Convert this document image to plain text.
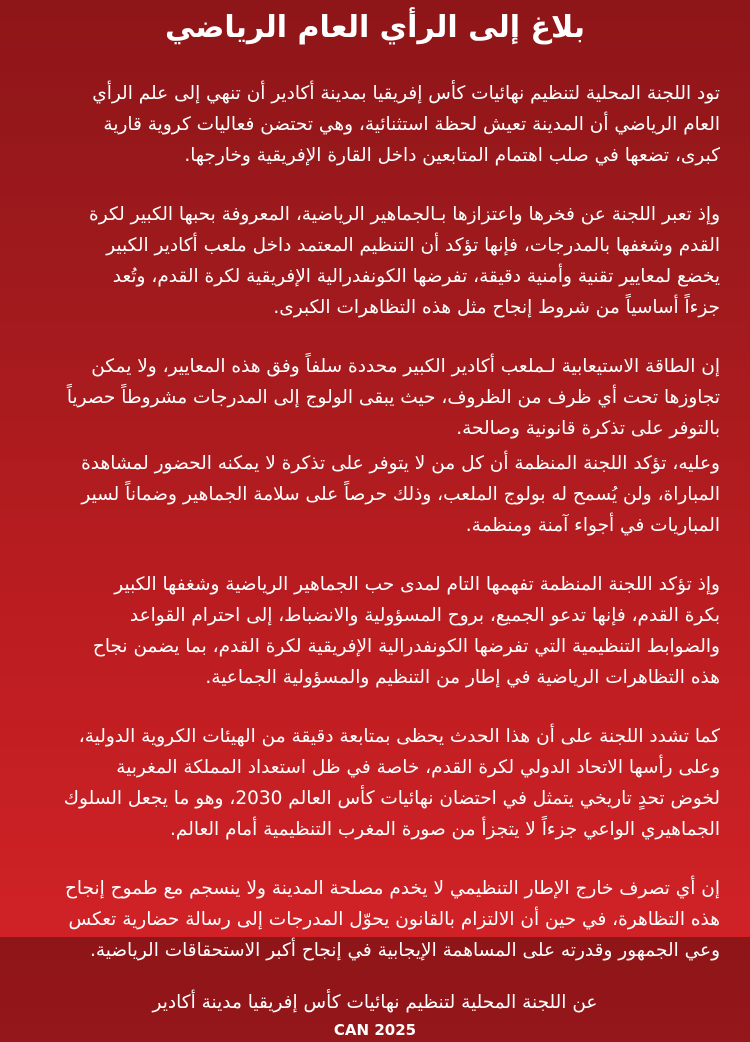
بلاغ إلى الرأي العام الرياضي
تود اللجنة المحلية لتنظيم نهائيات كأس إفريقيا بمدينة أكادير أن تنهي إلى علم الرأي
العام الرياضي أن المدينة تعيش لحظة استثنائية، وهي تحتضن فعاليات كروية قارية
كبرى، تضعها في صلب اهتمام المتابعين داخل القارة الإفريقية وخارجها.
وإذ تعبر اللجنة عن فخرها واعتزازها بـالجماهير الرياضية، المعروفة بحبها الكبير لكرة
القدم وشغفها بالمدرجات، فإنها تؤكد أن التنظيم المعتمد داخل ملعب أكادير الكبير
يخضع لمعايير تقنية وأمنية دقيقة، تفرضها الكونفدرالية الإفريقية لكرة القدم، وتُعد
جزءاً أساسياً من شروط إنجاح مثل هذه التظاهرات الكبرى.
إن الطاقة الاستيعابية لـملعب أكادير الكبير محددة سلفاً وفق هذه المعايير، ولا يمكن
تجاوزها تحت أي ظرف من الظروف، حيث يبقى الولوج إلى المدرجات مشروطاً حصرياً
بالتوفر على تذكرة قانونية وصالحة.
وعليه، تؤكد اللجنة المنظمة أن كل من لا يتوفر على تذكرة لا يمكنه الحضور لمشاهدة
المباراة، ولن يُسمح له بولوج الملعب، وذلك حرصاً على سلامة الجماهير وضماناً لسير
المباريات في أجواء آمنة ومنظمة.
وإذ تؤكد اللجنة المنظمة تفهمها التام لمدى حب الجماهير الرياضية وشغفها الكبير
بكرة القدم، فإنها تدعو الجميع، بروح المسؤولية والانضباط، إلى احترام القواعد
والضوابط التنظيمية التي تفرضها الكونفدرالية الإفريقية لكرة القدم، بما يضمن نجاح
هذه التظاهرات الرياضية في إطار من التنظيم والمسؤولية الجماعية.
كما تشدد اللجنة على أن هذا الحدث يحظى بمتابعة دقيقة من الهيئات الكروية الدولية،
وعلى رأسها الاتحاد الدولي لكرة القدم، خاصة في ظل استعداد المملكة المغربية
لخوض تحدٍ تاريخي يتمثل في احتضان نهائيات كأس العالم 2030، وهو ما يجعل السلوك
الجماهيري الواعي جزءاً لا يتجزأ من صورة المغرب التنظيمية أمام العالم.
إن أي تصرف خارج الإطار التنظيمي لا يخدم مصلحة المدينة ولا ينسجم مع طموح إنجاح
هذه التظاهرة، في حين أن الالتزام بالقانون يحوّل المدرجات إلى رسالة حضارية تعكس
وعي الجمهور وقدرته على المساهمة الإيجابية في إنجاح أكبر الاستحقاقات الرياضية.
عن اللجنة المحلية لتنظيم نهائيات كأس إفريقيا مدينة أكادير
CAN 2025
